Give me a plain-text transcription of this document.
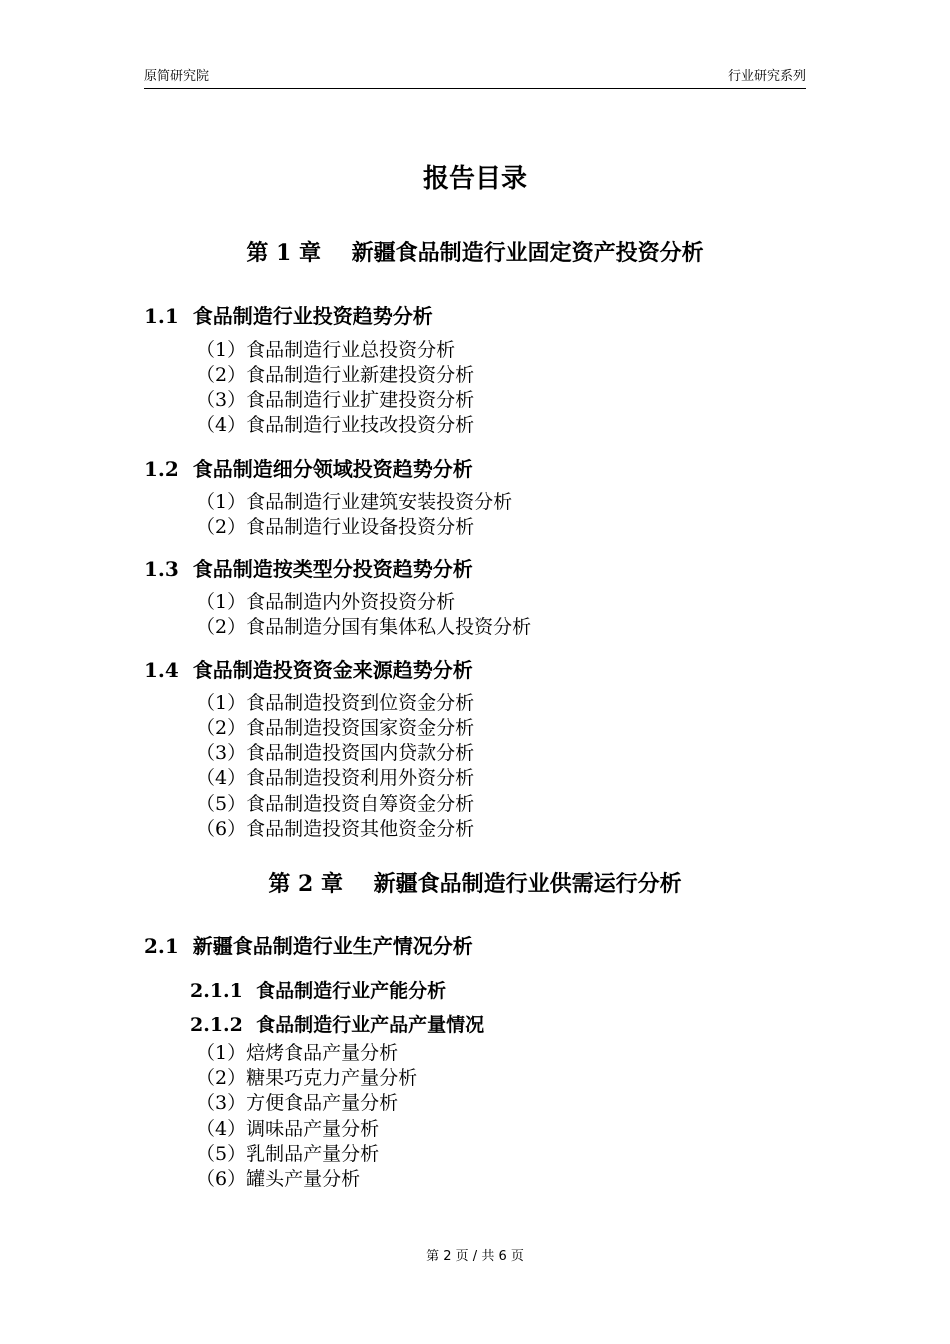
原简研究院	行业研究系列
报告目录
第 1 章    新疆食品制造行业固定资产投资分析
1.1  食品制造行业投资趋势分析
（1）食品制造行业总投资分析
（2）食品制造行业新建投资分析
（3）食品制造行业扩建投资分析
（4）食品制造行业技改投资分析
1.2  食品制造细分领域投资趋势分析
（1）食品制造行业建筑安装投资分析
（2）食品制造行业设备投资分析
1.3  食品制造按类型分投资趋势分析
（1）食品制造内外资投资分析
（2）食品制造分国有集体私人投资分析
1.4  食品制造投资资金来源趋势分析
（1）食品制造投资到位资金分析
（2）食品制造投资国家资金分析
（3）食品制造投资国内贷款分析
（4）食品制造投资利用外资分析
（5）食品制造投资自筹资金分析
（6）食品制造投资其他资金分析
第 2 章    新疆食品制造行业供需运行分析
2.1  新疆食品制造行业生产情况分析
2.1.1  食品制造行业产能分析
2.1.2  食品制造行业产品产量情况
（1）焙烤食品产量分析
（2）糖果巧克力产量分析
（3）方便食品产量分析
（4）调味品产量分析
（5）乳制品产量分析
（6）罐头产量分析
第 2 页 / 共 6 页
